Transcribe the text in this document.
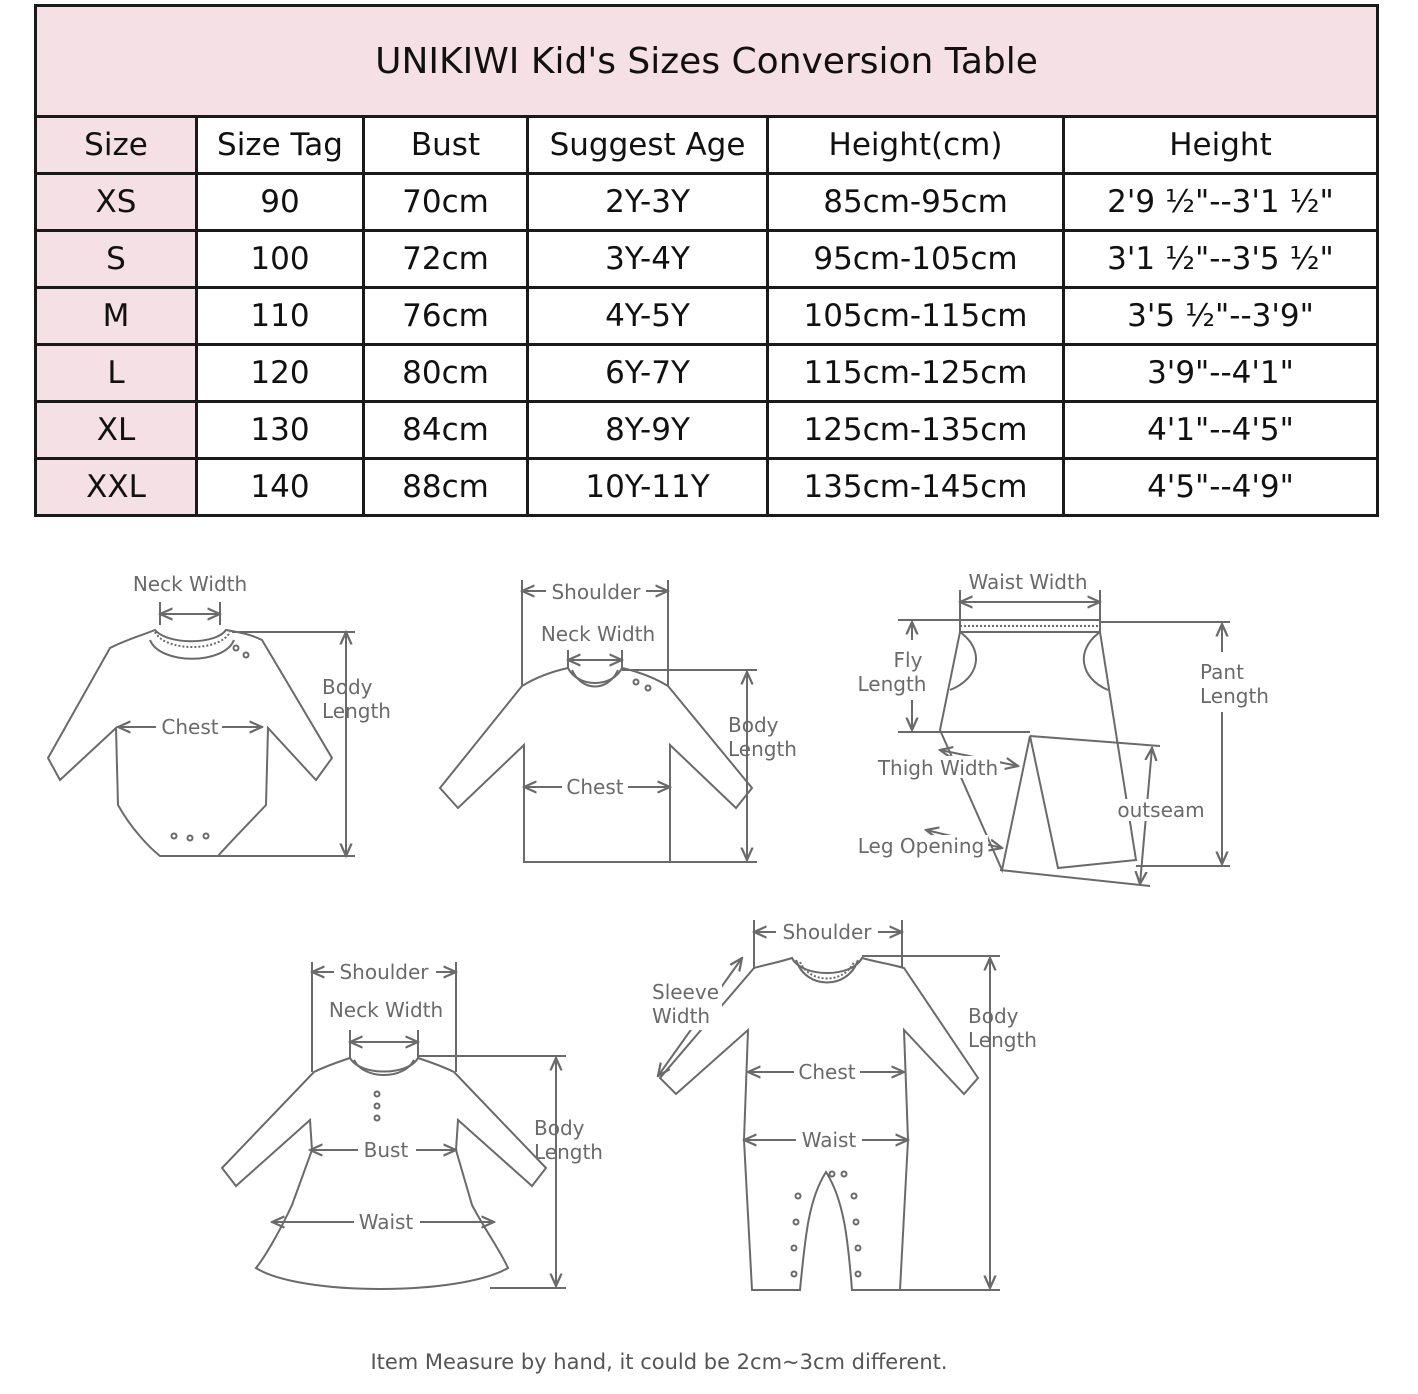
UNIKIWI Kid's Sizes Conversion Table					
Size	Size Tag	Bust	Suggest Age	Height(cm)	Height
XS	90	70cm	2Y-3Y	85cm-95cm	2'9 ½"--3'1 ½"
S	100	72cm	3Y-4Y	95cm-105cm	3'1 ½"--3'5 ½"
M	110	76cm	4Y-5Y	105cm-115cm	3'5 ½"--3'9"
L	120	80cm	6Y-7Y	115cm-125cm	3'9"--4'1"
XL	130	84cm	8Y-9Y	125cm-135cm	4'1"--4'5"
XXL	140	88cm	10Y-11Y	135cm-145cm	4'5"--4'9"
Neck Width
Chest
Body
Length
Shoulder
Neck Width
Chest
Body
Length
Waist Width
Fly
Length	Pant
Length
Thigh Width
outseam
Leg Opening
Shoulder
Neck Width
Bust
Waist
Body
Length
Shoulder
Sleeve
Width
Chest
Waist
Body
Length
Item Measure by hand, it could be 2cm~3cm different.
